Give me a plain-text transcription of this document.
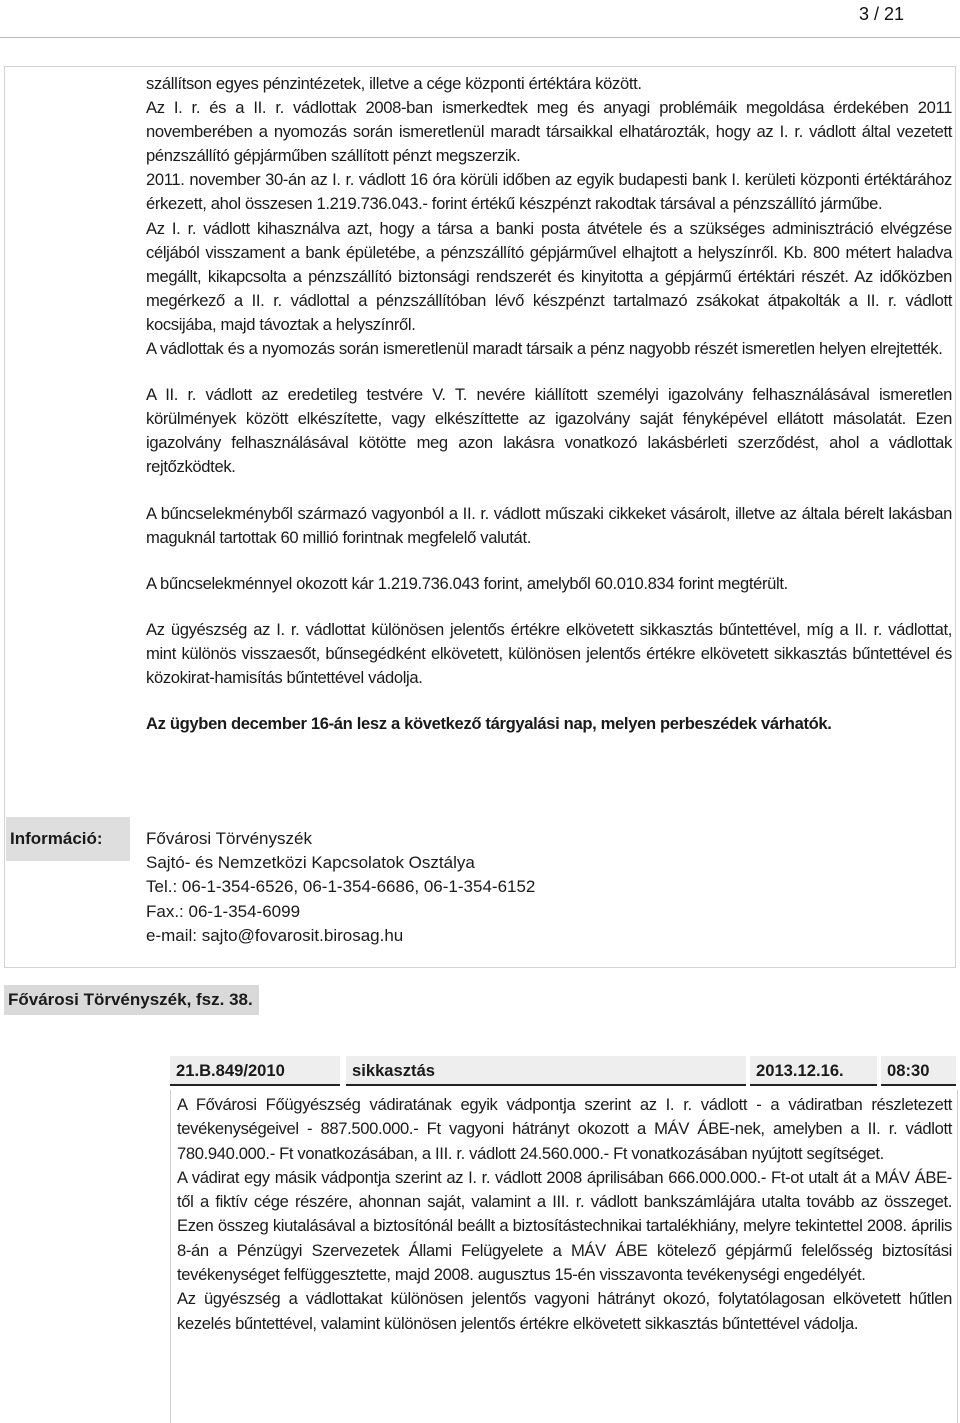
3 / 21

szállítson egyes pénzintézetek, illetve a cége központi értéktára között.

Az I. r. és a II. r. vádlottak 2008-ban ismerkedtek meg és anyagi problémáik megoldása érdekében 2011 novemberében a nyomozás során ismeretlenül maradt társaikkal elhatározták, hogy az I. r. vádlott által vezetett pénzszállító gépjárműben szállított pénzt megszerzik.

2011. november 30-án az I. r. vádlott 16 óra körüli időben az egyik budapesti bank I. kerületi központi értéktárához érkezett, ahol összesen 1.219.736.043.- forint értékű készpénzt rakodtak társával a pénzszállító járműbe.

Az I. r. vádlott kihasználva azt, hogy a társa a banki posta átvétele és a szükséges adminisztráció elvégzése céljából visszament a bank épületébe, a pénzszállító gépjárművel elhajtott a helyszínről. Kb. 800 métert haladva megállt, kikapcsolta a pénzszállító biztonsági rendszerét és kinyitotta a gépjármű értéktári részét. Az időközben megérkező a II. r. vádlottal a pénzszállítóban lévő készpénzt tartalmazó zsákokat átpakolták a II. r. vádlott kocsijába, majd távoztak a helyszínről.

A vádlottak és a nyomozás során ismeretlenül maradt társaik a pénz nagyobb részét ismeretlen helyen elrejtették.

A II. r. vádlott az eredetileg testvére V. T. nevére kiállított személyi igazolvány felhasználásával ismeretlen körülmények között elkészítette, vagy elkészíttette az igazolvány saját fényképével ellátott másolatát. Ezen igazolvány felhasználásával kötötte meg azon lakásra vonatkozó lakásbérleti szerződést, ahol a vádlottak rejtőzködtek.

A bűncselekményből származó vagyonból a II. r. vádlott műszaki cikkeket vásárolt, illetve az általa bérelt lakásban maguknál tartottak 60 millió forintnak megfelelő valutát.

A bűncselekménnyel okozott kár 1.219.736.043 forint, amelyből 60.010.834 forint megtérült.

Az ügyészség az I. r. vádlottat különösen jelentős értékre elkövetett sikkasztás bűntettével, míg a II. r. vádlottat, mint különös visszaesőt, bűnsegédként elkövetett, különösen jelentős értékre elkövetett sikkasztás bűntettével és közokirat-hamisítás bűntettével vádolja.

Az ügyben december 16-án lesz a következő tárgyalási nap, melyen perbeszédek várhatók.

Információ:	Fővárosi Törvényszék
Sajtó- és Nemzetközi Kapcsolatok Osztálya
Tel.: 06-1-354-6526, 06-1-354-6686, 06-1-354-6152
Fax.: 06-1-354-6099
e-mail: sajto@fovarosit.birosag.hu
Fővárosi Törvényszék, fsz. 38.
21.B.849/2010	sikkasztás	2013.12.16.	08:30

A Fővárosi Főügyészség vádiratának egyik vádpontja szerint az I. r. vádlott - a vádiratban részletezett tevékenységeivel - 887.500.000.- Ft vagyoni hátrányt okozott a MÁV ÁBE-nek, amelyben a II. r. vádlott 780.940.000.- Ft vonatkozásában, a III. r. vádlott 24.560.000.- Ft vonatkozásában nyújtott segítséget.

A vádirat egy másik vádpontja szerint az I. r. vádlott 2008 áprilisában 666.000.000.- Ft-ot utalt át a MÁV ÁBE-től a fiktív cége részére, ahonnan saját, valamint a III. r. vádlott bankszámlájára utalta tovább az összeget. Ezen összeg kiutalásával a biztosítónál beállt a biztosítástechnikai tartalékhiány, melyre tekintettel 2008. április 8-án a Pénzügyi Szervezetek Állami Felügyelete a MÁV ÁBE kötelező gépjármű felelősség biztosítási tevékenységet felfüggesztette, majd 2008. augusztus 15-én visszavonta tevékenységi engedélyét.

Az ügyészség a vádlottakat különösen jelentős vagyoni hátrányt okozó, folytatólagosan elkövetett hűtlen kezelés bűntettével, valamint különösen jelentős értékre elkövetett sikkasztás bűntettével vádolja.
